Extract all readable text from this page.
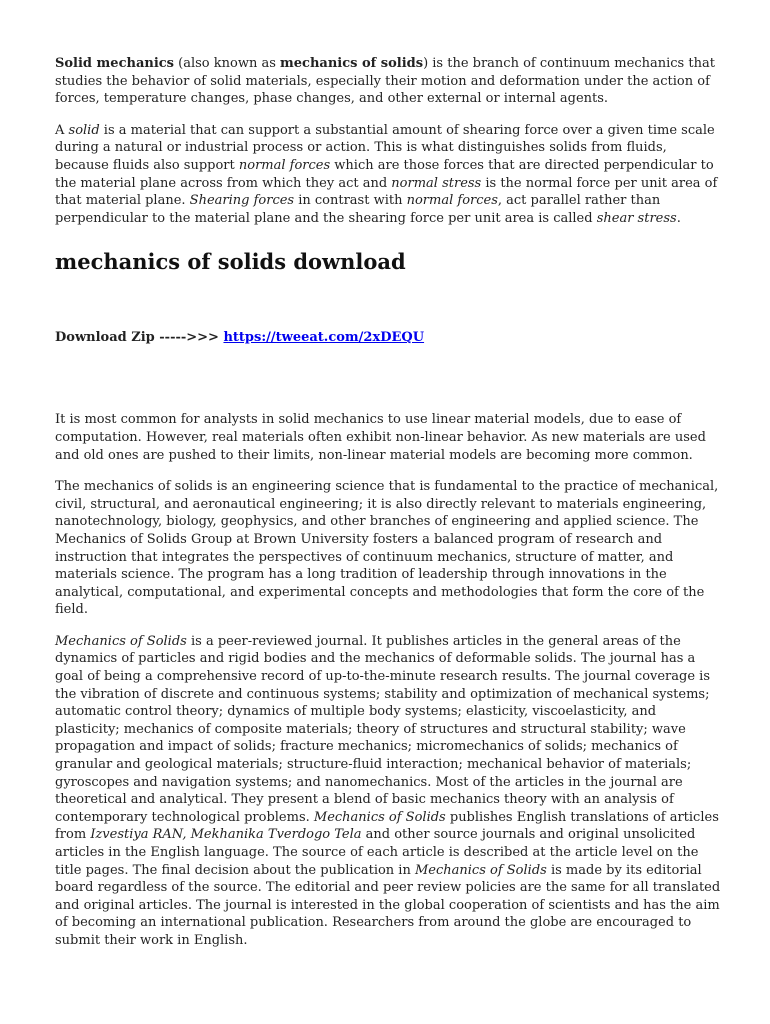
Solid mechanics (also known as mechanics of solids) is the branch of continuum mechanics that studies the behavior of solid materials, especially their motion and deformation under the action of forces, temperature changes, phase changes, and other external or internal agents.

A solid is a material that can support a substantial amount of shearing force over a given time scale during a natural or industrial process or action. This is what distinguishes solids from fluids, because fluids also support normal forces which are those forces that are directed perpendicular to the material plane across from which they act and normal stress is the normal force per unit area of that material plane. Shearing forces in contrast with normal forces, act parallel rather than perpendicular to the material plane and the shearing force per unit area is called shear stress.

mechanics of solids download

Download Zip ----->>> https://tweeat.com/2xDEQU

It is most common for analysts in solid mechanics to use linear material models, due to ease of computation. However, real materials often exhibit non-linear behavior. As new materials are used and old ones are pushed to their limits, non-linear material models are becoming more common.

The mechanics of solids is an engineering science that is fundamental to the practice of mechanical, civil, structural, and aeronautical engineering; it is also directly relevant to materials engineering, nanotechnology, biology, geophysics, and other branches of engineering and applied science. The Mechanics of Solids Group at Brown University fosters a balanced program of research and instruction that integrates the perspectives of continuum mechanics, structure of matter, and materials science. The program has a long tradition of leadership through innovations in the analytical, computational, and experimental concepts and methodologies that form the core of the field.

Mechanics of Solids is a peer-reviewed journal. It publishes articles in the general areas of the dynamics of particles and rigid bodies and the mechanics of deformable solids. The journal has a goal of being a comprehensive record of up-to-the-minute research results. The journal coverage is the vibration of discrete and continuous systems; stability and optimization of mechanical systems; automatic control theory; dynamics of multiple body systems; elasticity, viscoelasticity, and plasticity; mechanics of composite materials; theory of structures and structural stability; wave propagation and impact of solids; fracture mechanics; micromechanics of solids; mechanics of granular and geological materials; structure-fluid interaction; mechanical behavior of materials; gyroscopes and navigation systems; and nanomechanics. Most of the articles in the journal are theoretical and analytical. They present a blend of basic mechanics theory with an analysis of contemporary technological problems. Mechanics of Solids publishes English translations of articles from Izvestiya RAN, Mekhanika Tverdogo Tela and other source journals and original unsolicited articles in the English language. The source of each article is described at the article level on the title pages. The final decision about the publication in Mechanics of Solids is made by its editorial board regardless of the source. The editorial and peer review policies are the same for all translated and original articles. The journal is interested in the global cooperation of scientists and has the aim of becoming an international publication. Researchers from around the globe are encouraged to submit their work in English.
